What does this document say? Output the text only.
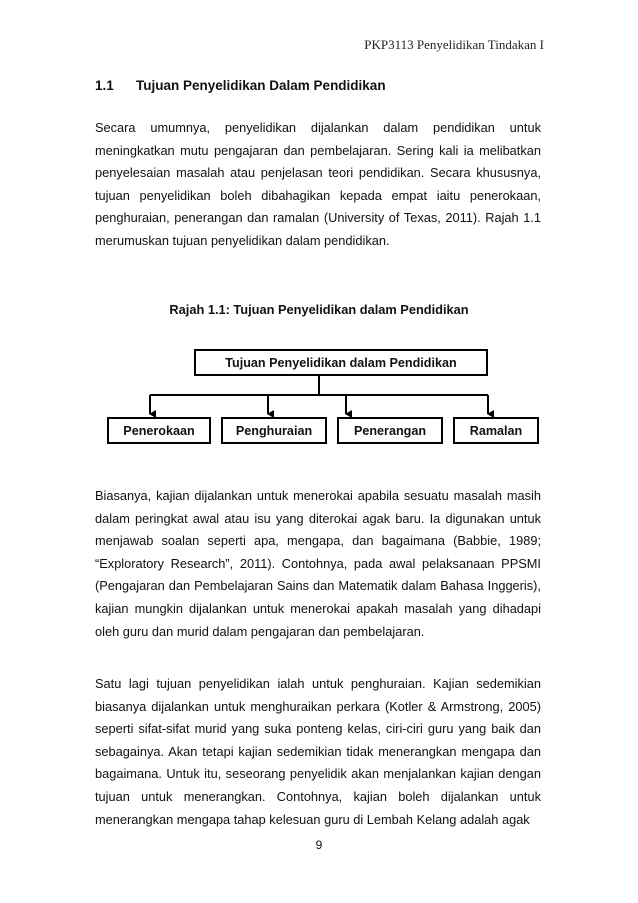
PKP3113 Penyelidikan Tindakan I
1.1 Tujuan Penyelidikan Dalam Pendidikan

Secara umumnya, penyelidikan dijalankan dalam pendidikan untuk meningkatkan mutu pengajaran dan pembelajaran. Sering kali ia melibatkan penyelesaian masalah atau penjelasan teori pendidikan. Secara khususnya, tujuan penyelidikan boleh dibahagikan kepada empat iaitu penerokaan, penghuraian, penerangan dan ramalan (University of Texas, 2011). Rajah 1.1 merumuskan tujuan penyelidikan dalam pendidikan.

Rajah 1.1: Tujuan Penyelidikan dalam Pendidikan
Tujuan Penyelidikan dalam Pendidikan
Penerokaan	Penghuraian	Penerangan	Ramalan

Biasanya, kajian dijalankan untuk menerokai apabila sesuatu masalah masih dalam peringkat awal atau isu yang diterokai agak baru. Ia digunakan untuk menjawab soalan seperti apa, mengapa, dan bagaimana (Babbie, 1989; “Exploratory Research”, 2011). Contohnya, pada awal pelaksanaan PPSMI (Pengajaran dan Pembelajaran Sains dan Matematik dalam Bahasa Inggeris), kajian mungkin dijalankan untuk menerokai apakah masalah yang dihadapi oleh guru dan murid dalam pengajaran dan pembelajaran.

Satu lagi tujuan penyelidikan ialah untuk penghuraian. Kajian sedemikian biasanya dijalankan untuk menghuraikan perkara (Kotler & Armstrong, 2005) seperti sifat-sifat murid yang suka ponteng kelas, ciri-ciri guru yang baik dan sebagainya. Akan tetapi kajian sedemikian tidak menerangkan mengapa dan bagaimana. Untuk itu, seseorang penyelidik akan menjalankan kajian dengan tujuan untuk menerangkan. Contohnya, kajian boleh dijalankan untuk menerangkan mengapa tahap kelesuan guru di Lembah Kelang adalah agak

9
